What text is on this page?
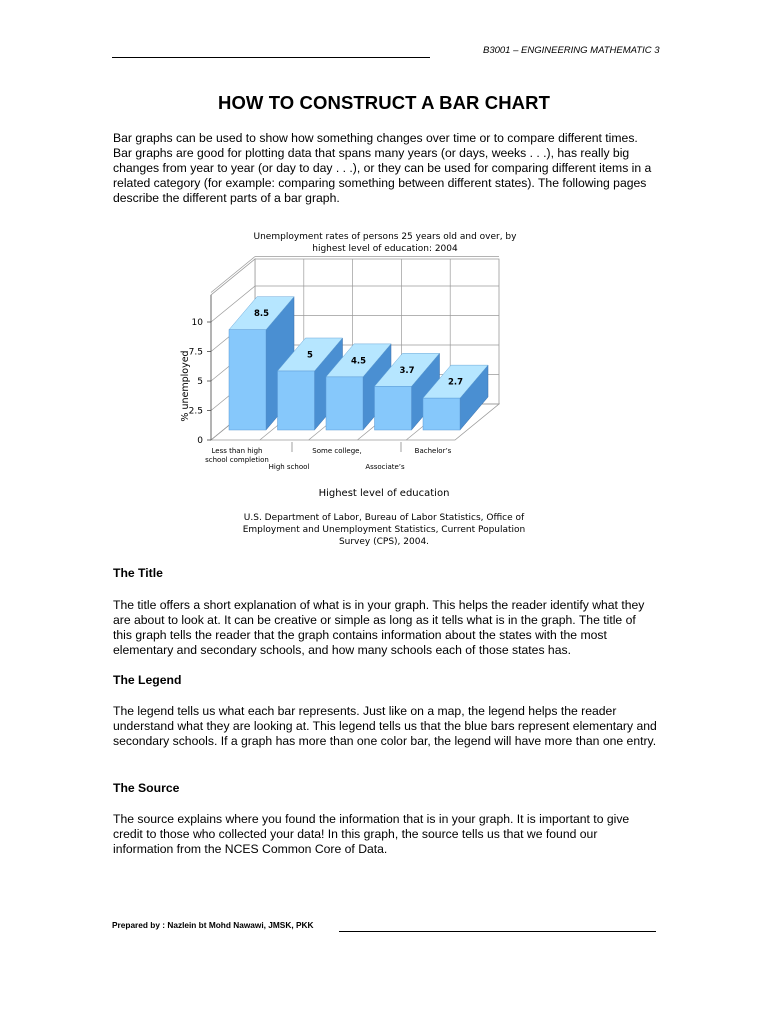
B3001 – ENGINEERING MATHEMATIC 3
HOW TO CONSTRUCT A BAR CHART
Bar graphs can be used to show how something changes over time or to compare different times. Bar graphs are good for plotting data that spans many years (or days, weeks . . .), has really big changes from year to year (or day to day . . .), or they can be used for comparing different items in a related category (for example: comparing something between different states). The following pages describe the different parts of a bar graph.
Unemployment rates of persons 25 years old and over, by
highest level of education: 2004
0
2.5
5
7.5
10
% unemployed
8.5
5
4.5
3.7
2.7
Less than high
school completion
High school
Some college,
Associate’s
Bachelor’s
Highest level of education
U.S. Department of Labor, Bureau of Labor Statistics, Office of
Employment and Unemployment Statistics, Current Population
Survey (CPS), 2004.
The Title
The title offers a short explanation of what is in your graph. This helps the reader identify what they are about to look at. It can be creative or simple as long as it tells what is in the graph. The title of this graph tells the reader that the graph contains information about the states with the most elementary and secondary schools, and how many schools each of those states has.
The Legend
The legend tells us what each bar represents. Just like on a map, the legend helps the reader understand what they are looking at. This legend tells us that the blue bars represent elementary and secondary schools. If a graph has more than one color bar, the legend will have more than one entry.
The Source
The source explains where you found the information that is in your graph. It is important to give credit to those who collected your data! In this graph, the source tells us that we found our information from the NCES Common Core of Data.
Prepared by : Nazlein bt Mohd Nawawi, JMSK, PKK
